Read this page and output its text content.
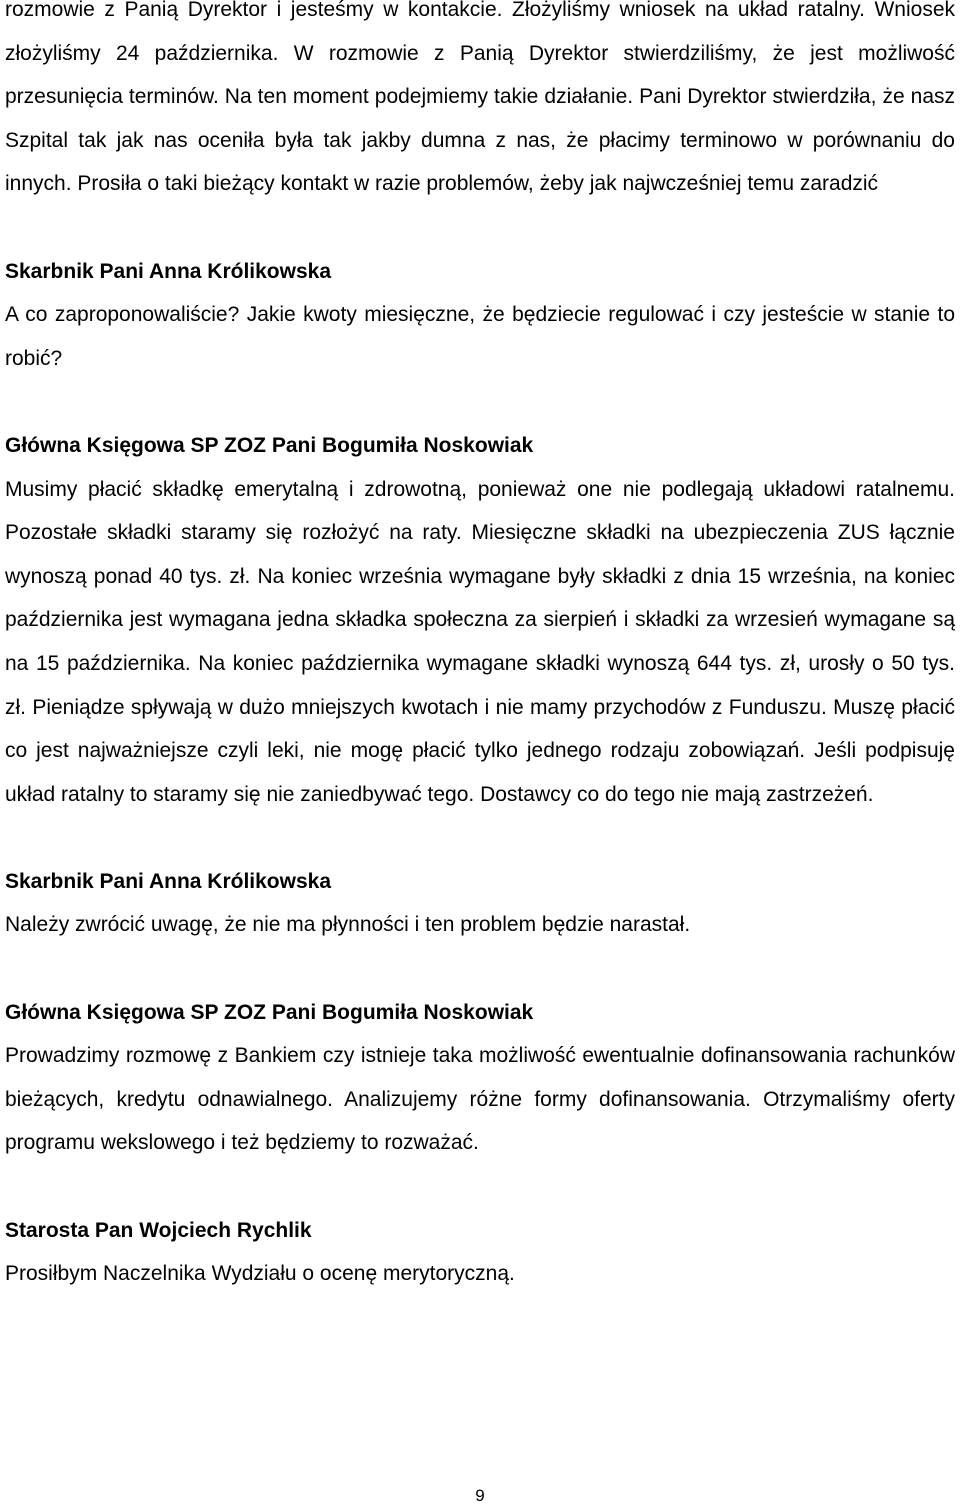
rozmowie z Panią Dyrektor i jesteśmy w kontakcie. Złożyliśmy wniosek na układ ratalny. Wniosek złożyliśmy 24 października. W rozmowie z Panią Dyrektor stwierdziliśmy, że jest możliwość przesunięcia terminów. Na ten moment podejmiemy takie działanie. Pani Dyrektor stwierdziła, że nasz Szpital tak jak nas oceniła była tak jakby dumna z nas, że płacimy terminowo w porównaniu do innych. Prosiła o taki bieżący kontakt w razie problemów, żeby jak najwcześniej temu zaradzić

Skarbnik Pani Anna Królikowska

A co zaproponowaliście? Jakie kwoty miesięczne, że będziecie regulować i czy jesteście w stanie to robić?

Główna Księgowa SP ZOZ Pani Bogumiła Noskowiak

Musimy płacić składkę emerytalną i zdrowotną, ponieważ one nie podlegają układowi ratalnemu. Pozostałe składki staramy się rozłożyć na raty. Miesięczne składki na ubezpieczenia ZUS łącznie wynoszą ponad 40 tys. zł. Na koniec września wymagane były składki z dnia 15 września, na koniec października jest wymagana jedna składka społeczna za sierpień i składki za wrzesień wymagane są na 15 października. Na koniec października wymagane składki wynoszą 644 tys. zł, urosły o 50 tys. zł. Pieniądze spływają w dużo mniejszych kwotach i nie mamy przychodów z Funduszu. Muszę płacić co jest najważniejsze czyli leki, nie mogę płacić tylko jednego rodzaju zobowiązań. Jeśli podpisuję układ ratalny to staramy się nie zaniedbywać tego. Dostawcy co do tego nie mają zastrzeżeń.

Skarbnik Pani Anna Królikowska

Należy zwrócić uwagę, że nie ma płynności i ten problem będzie narastał.

Główna Księgowa SP ZOZ Pani Bogumiła Noskowiak

Prowadzimy rozmowę z Bankiem czy istnieje taka możliwość ewentualnie dofinansowania rachunków bieżących, kredytu odnawialnego. Analizujemy różne formy dofinansowania. Otrzymaliśmy oferty programu wekslowego i też będziemy to rozważać.

Starosta Pan Wojciech Rychlik

Prosiłbym Naczelnika Wydziału o ocenę merytoryczną.

9
